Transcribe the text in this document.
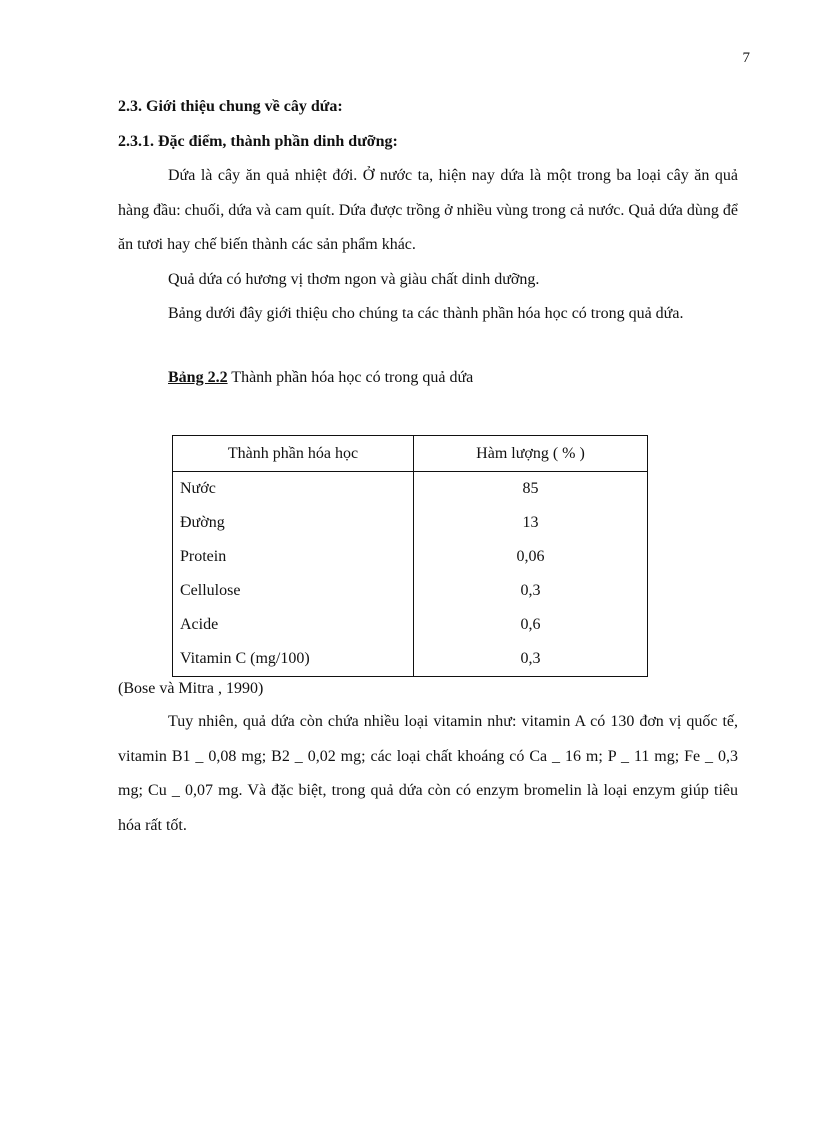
7
2.3. Giới thiệu chung về cây dứa:
2.3.1. Đặc điểm, thành phần dinh dưỡng:

Dứa là cây ăn quả nhiệt đới. Ở nước ta, hiện nay dứa là một trong ba loại cây ăn quả hàng đầu: chuối, dứa và cam quít. Dứa được trồng ở nhiều vùng trong cả nước. Quả dứa dùng để ăn tươi hay chế biến thành các sản phẩm khác.

Quả dứa có hương vị thơm ngon và giàu chất dinh dưỡng.

Bảng dưới đây giới thiệu cho chúng ta các thành phần hóa học có trong quả dứa.

Bảng 2.2 Thành phần hóa học có trong quả dứa
Thành phần hóa học	Hàm lượng ( % )
Nước	85
Đường	13
Protein	0,06
Cellulose	0,3
Acide	0,6
Vitamin C (mg/100)	0,3
(Bose và Mitra , 1990)

Tuy nhiên, quả dứa còn chứa nhiều loại vitamin như: vitamin A có 130 đơn vị quốc tế, vitamin B1 _ 0,08 mg; B2 _ 0,02 mg; các loại chất khoáng có Ca _ 16 m; P _ 11 mg; Fe _ 0,3 mg; Cu _ 0,07 mg. Và đặc biệt, trong quả dứa còn có enzym bromelin là loại enzym giúp tiêu hóa rất tốt.
